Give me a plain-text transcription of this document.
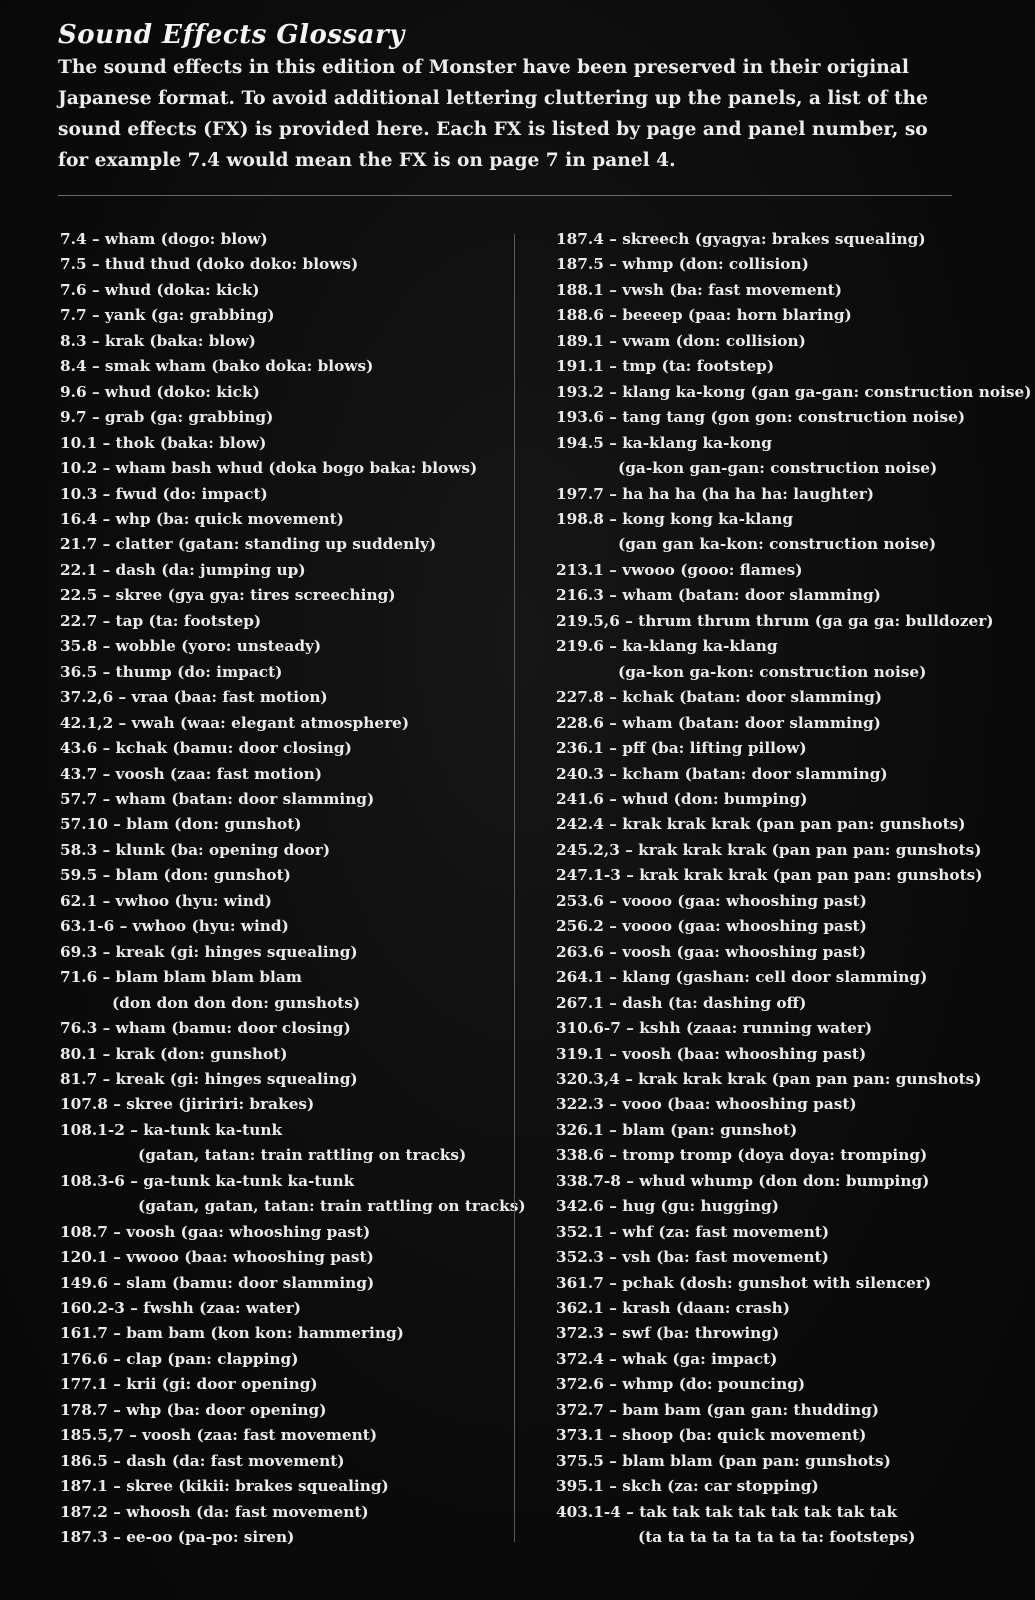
Sound Effects Glossary
The sound effects in this edition of Monster have been preserved in their original Japanese format. To avoid additional lettering cluttering up the panels, a list of the sound effects (FX) is provided here. Each FX is listed by page and panel number, so for example 7.4 would mean the FX is on page 7 in panel 4.
7.4 – wham (dogo: blow)
7.5 – thud thud (doko doko: blows)
7.6 – whud (doka: kick)
7.7 – yank (ga: grabbing)
8.3 – krak (baka: blow)
8.4 – smak wham (bako doka: blows)
9.6 – whud (doko: kick)
9.7 – grab (ga: grabbing)
10.1 – thok (baka: blow)
10.2 – wham bash whud (doka bogo baka: blows)
10.3 – fwud (do: impact)
16.4 – whp (ba: quick movement)
21.7 – clatter (gatan: standing up suddenly)
22.1 – dash (da: jumping up)
22.5 – skree (gya gya: tires screeching)
22.7 – tap (ta: footstep)
35.8 – wobble (yoro: unsteady)
36.5 – thump (do: impact)
37.2,6 – vraa (baa: fast motion)
42.1,2 – vwah (waa: elegant atmosphere)
43.6 – kchak (bamu: door closing)
43.7 – voosh (zaa: fast motion)
57.7 – wham (batan: door slamming)
57.10 – blam (don: gunshot)
58.3 – klunk (ba: opening door)
59.5 – blam (don: gunshot)
62.1 – vwhoo (hyu: wind)
63.1-6 – vwhoo (hyu: wind)
69.3 – kreak (gi: hinges squealing)
71.6 – blam blam blam blam
(don don don don: gunshots)
76.3 – wham (bamu: door closing)
80.1 – krak (don: gunshot)
81.7 – kreak (gi: hinges squealing)
107.8 – skree (jiririri: brakes)
108.1-2 – ka-tunk ka-tunk
(gatan, tatan: train rattling on tracks)
108.3-6 – ga-tunk ka-tunk ka-tunk
(gatan, gatan, tatan: train rattling on tracks)
108.7 – voosh (gaa: whooshing past)
120.1 – vwooo (baa: whooshing past)
149.6 – slam (bamu: door slamming)
160.2-3 – fwshh (zaa: water)
161.7 – bam bam (kon kon: hammering)
176.6 – clap (pan: clapping)
177.1 – krii (gi: door opening)
178.7 – whp (ba: door opening)
185.5,7 – voosh (zaa: fast movement)
186.5 – dash (da: fast movement)
187.1 – skree (kikii: brakes squealing)
187.2 – whoosh (da: fast movement)
187.3 – ee-oo (pa-po: siren)
187.4 – skreech (gyagya: brakes squealing)
187.5 – whmp (don: collision)
188.1 – vwsh (ba: fast movement)
188.6 – beeeep (paa: horn blaring)
189.1 – vwam (don: collision)
191.1 – tmp (ta: footstep)
193.2 – klang ka-kong (gan ga-gan: construction noise)
193.6 – tang tang (gon gon: construction noise)
194.5 – ka-klang ka-kong
(ga-kon gan-gan: construction noise)
197.7 – ha ha ha (ha ha ha: laughter)
198.8 – kong kong ka-klang
(gan gan ka-kon: construction noise)
213.1 – vwooo (gooo: flames)
216.3 – wham (batan: door slamming)
219.5,6 – thrum thrum thrum (ga ga ga: bulldozer)
219.6 – ka-klang ka-klang
(ga-kon ga-kon: construction noise)
227.8 – kchak (batan: door slamming)
228.6 – wham (batan: door slamming)
236.1 – pff (ba: lifting pillow)
240.3 – kcham (batan: door slamming)
241.6 – whud (don: bumping)
242.4 – krak krak krak (pan pan pan: gunshots)
245.2,3 – krak krak krak (pan pan pan: gunshots)
247.1-3 – krak krak krak (pan pan pan: gunshots)
253.6 – voooo (gaa: whooshing past)
256.2 – voooo (gaa: whooshing past)
263.6 – voosh (gaa: whooshing past)
264.1 – klang (gashan: cell door slamming)
267.1 – dash (ta: dashing off)
310.6-7 – kshh (zaaa: running water)
319.1 – voosh (baa: whooshing past)
320.3,4 – krak krak krak (pan pan pan: gunshots)
322.3 – vooo (baa: whooshing past)
326.1 – blam (pan: gunshot)
338.6 – tromp tromp (doya doya: tromping)
338.7-8 – whud whump (don don: bumping)
342.6 – hug (gu: hugging)
352.1 – whf (za: fast movement)
352.3 – vsh (ba: fast movement)
361.7 – pchak (dosh: gunshot with silencer)
362.1 – krash (daan: crash)
372.3 – swf (ba: throwing)
372.4 – whak (ga: impact)
372.6 – whmp (do: pouncing)
372.7 – bam bam (gan gan: thudding)
373.1 – shoop (ba: quick movement)
375.5 – blam blam (pan pan: gunshots)
395.1 – skch (za: car stopping)
403.1-4 – tak tak tak tak tak tak tak tak
(ta ta ta ta ta ta ta ta: footsteps)
